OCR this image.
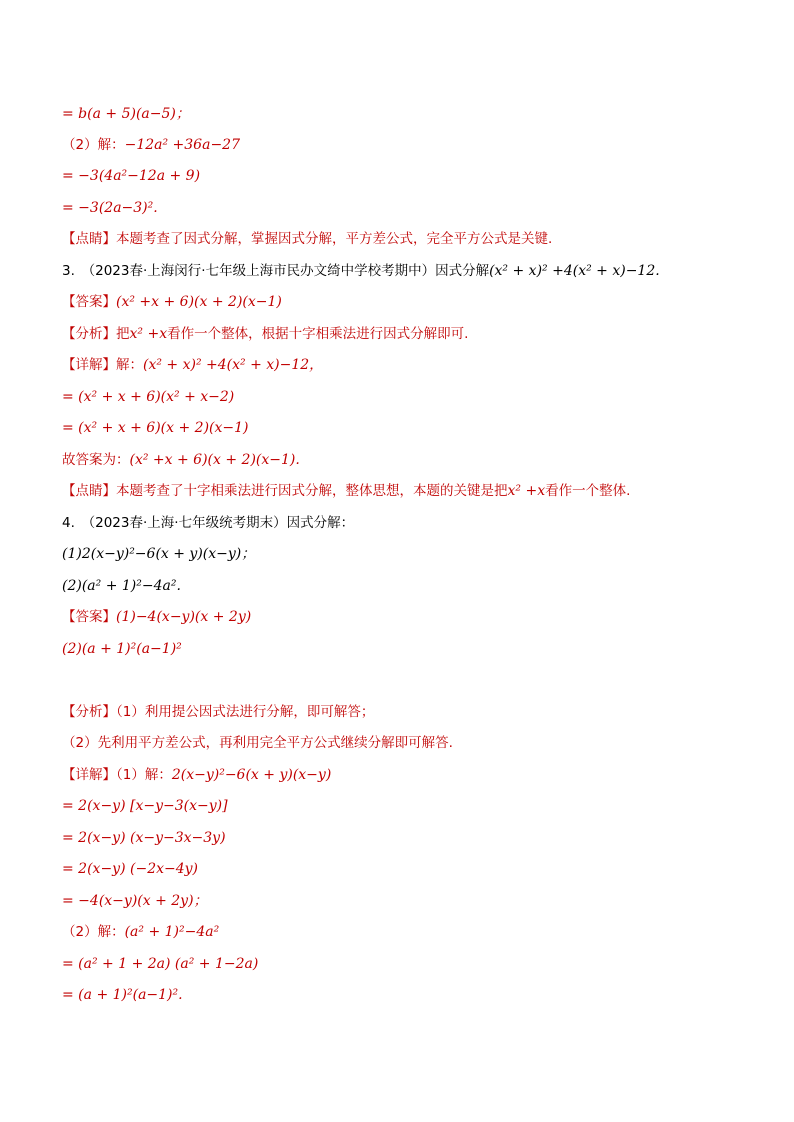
= b(a + 5)(a−5)；
（2）解：−12a² +36a−27
= −3(4a²−12a + 9)
= −3(2a−3)².
【点睛】本题考查了因式分解，掌握因式分解，平方差公式，完全平方公式是关键.
3.　（2023春·上海闵行·七年级上海市民办文绮中学校考期中）因式分解(x² + x)² +4(x² + x)−12.
【答案】(x² +x + 6)(x + 2)(x−1)
【分析】把x² +x看作一个整体，根据十字相乘法进行因式分解即可.
【详解】解：(x² + x)² +4(x² + x)−12，
= (x² + x + 6)(x² + x−2)
= (x² + x + 6)(x + 2)(x−1)
故答案为：(x² +x + 6)(x + 2)(x−1).
【点睛】本题考查了十字相乘法进行因式分解，整体思想，本题的关键是把x² +x看作一个整体.
4.　（2023春·上海·七年级统考期末）因式分解：
(1)2(x−y)²−6(x + y)(x−y)；
(2)(a² + 1)²−4a².
【答案】(1)−4(x−y)(x + 2y)
(2)(a + 1)²(a−1)²
【分析】（1）利用提公因式法进行分解，即可解答；
（2）先利用平方差公式，再利用完全平方公式继续分解即可解答.
【详解】（1）解：2(x−y)²−6(x + y)(x−y)
= 2(x−y) [x−y−3(x−y)]
= 2(x−y) (x−y−3x−3y)
= 2(x−y) (−2x−4y)
= −4(x−y)(x + 2y)；
（2）解：(a² + 1)²−4a²
= (a² + 1 + 2a) (a² + 1−2a)
= (a + 1)²(a−1)².
